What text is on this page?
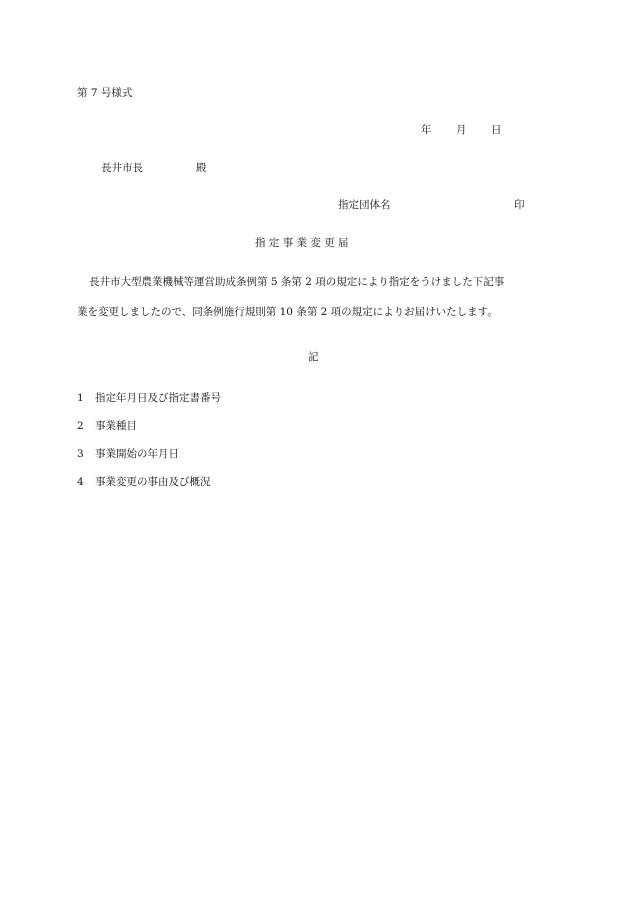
第 7 号様式
年 月 日
長井市長	殿
指定団体名	印
指 定 事 業 変 更 届
長井市大型農業機械等運営助成条例第 5 条第 2 項の規定により指定をうけました下記事
業を変更しましたので、同条例施行規則第 10 条第 2 項の規定によりお届けいたします。
記
1 指定年月日及び指定書番号
2 事業種目
3 事業開始の年月日
4 事業変更の事由及び概況
